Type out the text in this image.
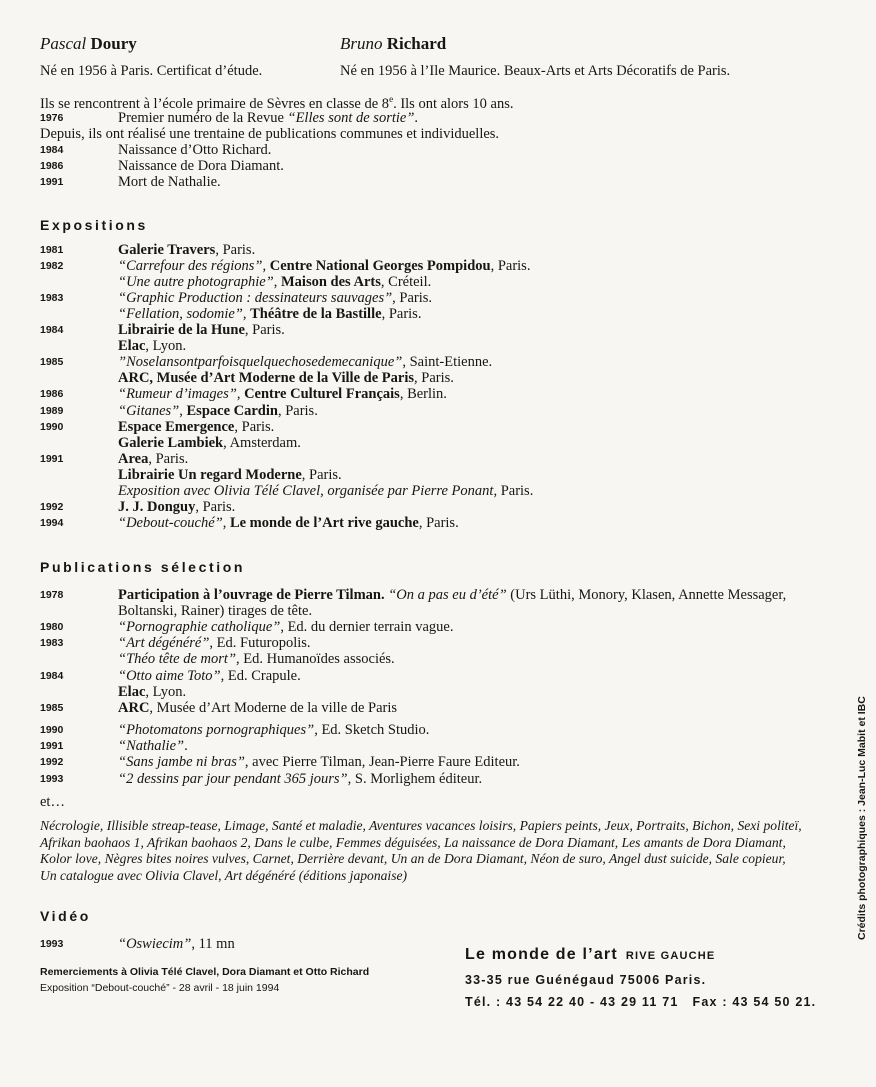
Pascal Doury
Né en 1956 à Paris. Certificat d’étude.
Bruno Richard
Né en 1956 à l’Ile Maurice. Beaux-Arts et Arts Décoratifs de Paris.
Ils se rencontrent à l’école primaire de Sèvres en classe de 8e. Ils ont alors 10 ans.
1976	Premier numéro de la Revue “Elles sont de sortie”.
Depuis, ils ont réalisé une trentaine de publications communes et individuelles.
1984	Naissance d’Otto Richard.
1986	Naissance de Dora Diamant.
1991	Mort de Nathalie.
Expositions
1981	Galerie Travers, Paris.
1982	“Carrefour des régions”, Centre National Georges Pompidou, Paris.
“Une autre photographie”, Maison des Arts, Créteil.
1983	“Graphic Production : dessinateurs sauvages”, Paris.
“Fellation, sodomie”, Théâtre de la Bastille, Paris.
1984	Librairie de la Hune, Paris.
Elac, Lyon.
1985	”Noselansontparfoisquelquechosedemecanique”, Saint-Etienne.
ARC, Musée d’Art Moderne de la Ville de Paris, Paris.
1986	“Rumeur d’images”, Centre Culturel Français, Berlin.
1989	“Gitanes”, Espace Cardin, Paris.
1990	Espace Emergence, Paris.
Galerie Lambiek, Amsterdam.
1991	Area, Paris.
Librairie Un regard Moderne, Paris.
Exposition avec Olivia Télé Clavel, organisée par Pierre Ponant, Paris.
1992	J. J. Donguy, Paris.
1994	“Debout-couché”, Le monde de l’Art rive gauche, Paris.
Publications sélection
1978	Participation à l’ouvrage de Pierre Tilman. “On a pas eu d’été” (Urs Lüthi, Monory, Klasen, Annette Messager,
Boltanski, Rainer) tirages de tête.
1980	“Pornographie catholique”, Ed. du dernier terrain vague.
1983	“Art dégénéré”, Ed. Futuropolis.
“Théo tête de mort”, Ed. Humanoïdes associés.
1984	“Otto aime Toto”, Ed. Crapule.
Elac, Lyon.
1985	ARC, Musée d’Art Moderne de la ville de Paris
1990	“Photomatons pornographiques”, Ed. Sketch Studio.
1991	“Nathalie”.
1992	“Sans jambe ni bras”, avec Pierre Tilman, Jean-Pierre Faure Editeur.
1993	“2 dessins par jour pendant 365 jours”, S. Morlighem éditeur.
et…
Nécrologie, Illisible streap-tease, Limage, Santé et maladie, Aventures vacances loisirs, Papiers peints, Jeux, Portraits, Bichon, Sexi politeï,
Afrikan baohaos 1, Afrikan baohaos 2, Dans le culbe, Femmes déguisées, La naissance de Dora Diamant, Les amants de Dora Diamant,
Kolor love, Nègres bites noires vulves, Carnet, Derrière devant, Un an de Dora Diamant, Néon de suro, Angel dust suicide, Sale copieur,
Un catalogue avec Olivia Clavel, Art dégénéré (éditions japonaise)
Vidéo
1993	“Oswiecim”, 11 mn
Remerciements à Olivia Télé Clavel, Dora Diamant et Otto Richard
Exposition “Debout-couché” - 28 avril - 18 juin 1994
Le monde de l’art RIVE GAUCHE
33-35 rue Guénégaud 75006 Paris.
Tél. : 43 54 22 40 - 43 29 11 71   Fax : 43 54 50 21.
Crédits photographiques : Jean-Luc Mabit et IBC
